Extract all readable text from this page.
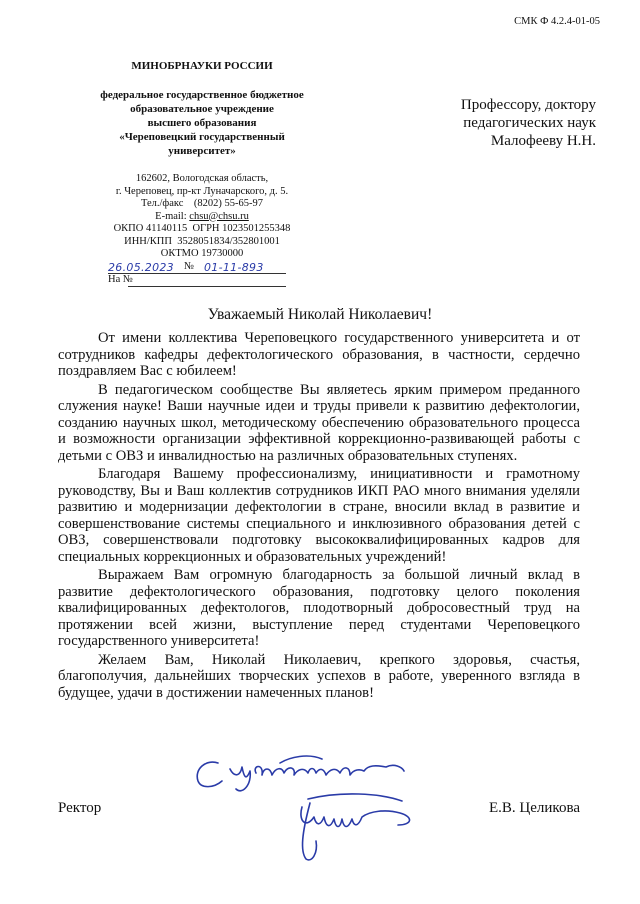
СМК Ф 4.2.4-01-05
МИНОБРНАУКИ РОССИИ
федеральное государственное бюджетное
образовательное учреждение
высшего образования
«Череповецкий государственный
университет»
Профессору, доктору
педагогических наук
Малофееву Н.Н.
162602, Вологодская область,
г. Череповец, пр-кт Луначарского, д. 5.
Тел./факс    (8202) 55-65-97
E-mail: chsu@chsu.ru
ОКПО 41140115  ОГРН 1023501255348
ИНН/КПП  3528051834/352801001
ОКТМО 19730000
26.05.2023 № 01-11-893
На №
Уважаемый Николай Николаевич!

От имени коллектива Череповецкого государственного университета и от сотрудников кафедры дефектологического образования, в частности, сердечно поздравляем Вас с юбилеем!

В педагогическом сообществе Вы являетесь ярким примером преданного служения науке! Ваши научные идеи и труды привели к развитию дефектологии, созданию научных школ, методическому обеспечению образовательного процесса и возможности организации эффективной коррекционно-развивающей работы с детьми с ОВЗ и инвалидностью на различных образовательных ступенях.

Благодаря Вашему профессионализму, инициативности и грамотному руководству, Вы и Ваш коллектив сотрудников ИКП РАО много внимания уделяли развитию и модернизации дефектологии в стране, вносили вклад в развитие и совершенствование системы специального и инклюзивного образования детей с ОВЗ, совершенствовали подготовку высококвалифицированных кадров для специальных коррекционных и образовательных учреждений!

Выражаем Вам огромную благодарность за большой личный вклад в развитие дефектологического образования, подготовку целого поколения квалифицированных дефектологов, плодотворный добросовестный труд на протяжении всей жизни, выступление перед студентами Череповецкого государственного университета!

Желаем Вам, Николай Николаевич, крепкого здоровья, счастья, благополучия, дальнейших творческих успехов в работе, уверенного взгляда в будущее, удачи в достижении намеченных планов!

Ректор	Е.В. Целикова
С уважением
